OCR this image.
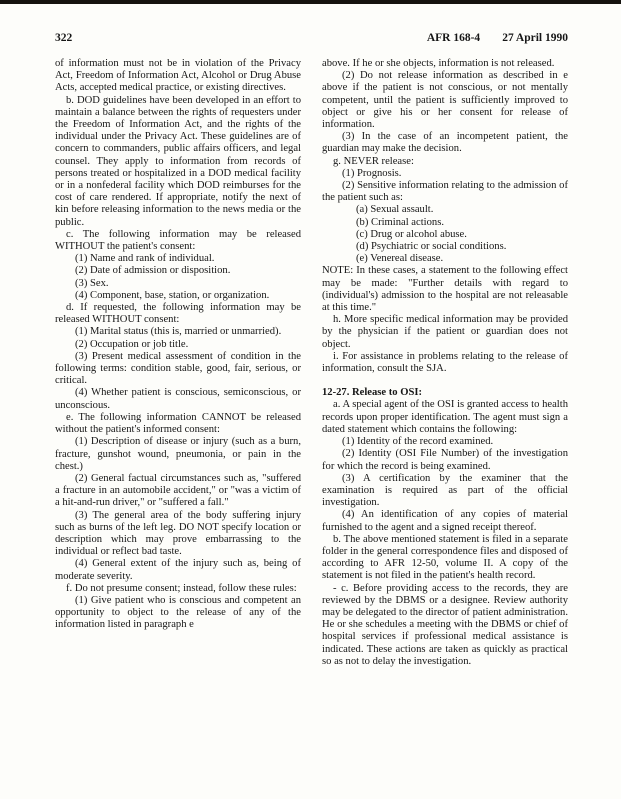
322	AFR 168-4 27 April 1990

of information must not be in violation of the Privacy Act, Freedom of Information Act, Alcohol or Drug Abuse Acts, accepted medical practice, or existing directives.

b. DOD guidelines have been developed in an effort to maintain a balance between the rights of requesters under the Freedom of Information Act, and the rights of the individual under the Privacy Act. These guidelines are of concern to commanders, public affairs officers, and legal counsel. They apply to information from records of persons treated or hospitalized in a DOD medical facility or in a nonfederal facility which DOD reimburses for the cost of care rendered. If appropriate, notify the next of kin before releasing information to the news media or the public.

c. The following information may be released WITHOUT the patient's consent:

(1) Name and rank of individual.

(2) Date of admission or disposition.

(3) Sex.

(4) Component, base, station, or organization.

d. If requested, the following information may be released WITHOUT consent:

(1) Marital status (this is, married or unmarried).

(2) Occupation or job title.

(3) Present medical assessment of condition in the following terms: condition stable, good, fair, serious, or critical.

(4) Whether patient is conscious, semiconscious, or unconscious.

e. The following information CANNOT be released without the patient's informed consent:

(1) Description of disease or injury (such as a burn, fracture, gunshot wound, pneumonia, or pain in the chest.)

(2) General factual circumstances such as, "suffered a fracture in an automobile accident," or "was a victim of a hit-and-run driver," or "suffered a fall."

(3) The general area of the body suffering injury such as burns of the left leg. DO NOT specify location or description which may prove embarrassing to the individual or reflect bad taste.

(4) General extent of the injury such as, being of moderate severity.

f. Do not presume consent; instead, follow these rules:

(1) Give patient who is conscious and competent an opportunity to object to the release of any of the information listed in paragraph e

above. If he or she objects, information is not released.

(2) Do not release information as described in e above if the patient is not conscious, or not mentally competent, until the patient is sufficiently improved to object or give his or her consent for release of information.

(3) In the case of an incompetent patient, the guardian may make the decision.

g. NEVER release:

(1) Prognosis.

(2) Sensitive information relating to the admission of the patient such as:

(a) Sexual assault.

(b) Criminal actions.

(c) Drug or alcohol abuse.

(d) Psychiatric or social conditions.

(e) Venereal disease.

NOTE: In these cases, a statement to the following effect may be made: "Further details with regard to (individual's) admission to the hospital are not releasable at this time."

h. More specific medical information may be provided by the physician if the patient or guardian does not object.

i. For assistance in problems relating to the release of information, consult the SJA.

12-27. Release to OSI:

a. A special agent of the OSI is granted access to health records upon proper identification. The agent must sign a dated statement which contains the following:

(1) Identity of the record examined.

(2) Identity (OSI File Number) of the investigation for which the record is being examined.

(3) A certification by the examiner that the examination is required as part of the official investigation.

(4) An identification of any copies of material furnished to the agent and a signed receipt thereof.

b. The above mentioned statement is filed in a separate folder in the general correspondence files and disposed of according to AFR 12-50, volume II. A copy of the statement is not filed in the patient's health record.

- c. Before providing access to the records, they are reviewed by the DBMS or a designee. Review authority may be delegated to the director of patient administration. He or she schedules a meeting with the DBMS or chief of hospital services if professional medical assistance is indicated. These actions are taken as quickly as practical so as not to delay the investigation.
